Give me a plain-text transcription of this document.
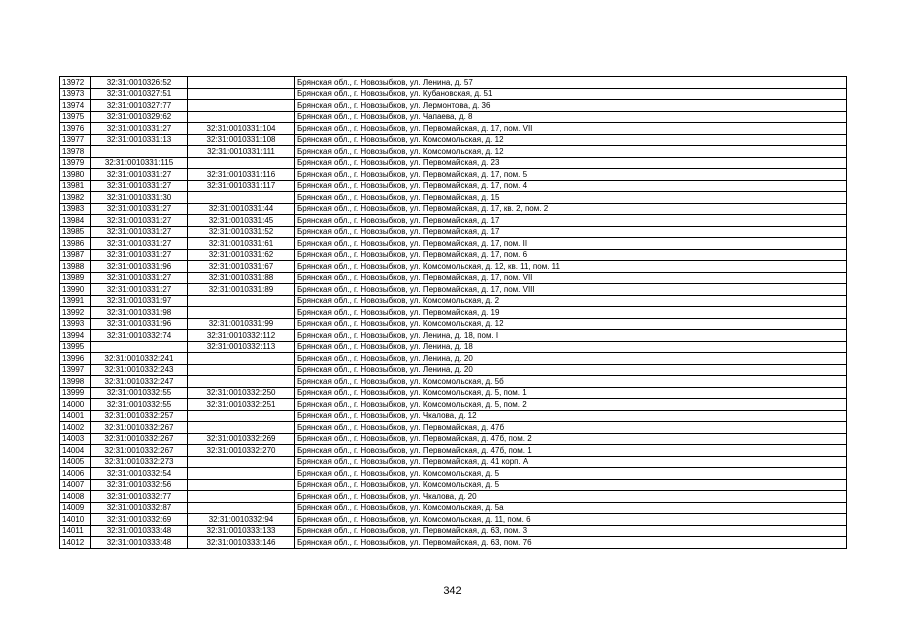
13972	32:31:0010326:52		Брянская обл., г. Новозыбков, ул. Ленина, д. 57
13973	32:31:0010327:51		Брянская обл., г. Новозыбков, ул. Кубановская, д. 51
13974	32:31:0010327:77		Брянская обл., г. Новозыбков, ул. Лермонтова, д. 36
13975	32:31:0010329:62		Брянская обл., г. Новозыбков, ул. Чапаева, д. 8
13976	32:31:0010331:27	32:31:0010331:104	Брянская обл., г. Новозыбков, ул. Первомайская, д. 17, пом. VII
13977	32:31:0010331:13	32:31:0010331:108	Брянская обл., г. Новозыбков, ул. Комсомольская, д. 12
13978		32:31:0010331:111	Брянская обл., г. Новозыбков, ул. Комсомольская, д. 12
13979	32:31:0010331:115		Брянская обл., г. Новозыбков, ул. Первомайская, д. 23
13980	32:31:0010331:27	32:31:0010331:116	Брянская обл., г. Новозыбков, ул. Первомайская, д. 17, пом. 5
13981	32:31:0010331:27	32:31:0010331:117	Брянская обл., г. Новозыбков, ул. Первомайская, д. 17, пом. 4
13982	32:31:0010331:30		Брянская обл., г. Новозыбков, ул. Первомайская, д. 15
13983	32:31:0010331:27	32:31:0010331:44	Брянская обл., г. Новозыбков, ул. Первомайская, д. 17, кв. 2, пом. 2
13984	32:31:0010331:27	32:31:0010331:45	Брянская обл., г. Новозыбков, ул. Первомайская, д. 17
13985	32:31:0010331:27	32:31:0010331:52	Брянская обл., г. Новозыбков, ул. Первомайская, д. 17
13986	32:31:0010331:27	32:31:0010331:61	Брянская обл., г. Новозыбков, ул. Первомайская, д. 17, пом. II
13987	32:31:0010331:27	32:31:0010331:62	Брянская обл., г. Новозыбков, ул. Первомайская, д. 17, пом. 6
13988	32:31:0010331:96	32:31:0010331:67	Брянская обл., г. Новозыбков, ул. Комсомольская, д. 12, кв. 11, пом. 11
13989	32:31:0010331:27	32:31:0010331:88	Брянская обл., г. Новозыбков, ул. Первомайская, д. 17, пом. VII
13990	32:31:0010331:27	32:31:0010331:89	Брянская обл., г. Новозыбков, ул. Первомайская, д. 17, пом. VIII
13991	32:31:0010331:97		Брянская обл., г. Новозыбков, ул. Комсомольская, д. 2
13992	32:31:0010331:98		Брянская обл., г. Новозыбков, ул. Первомайская, д. 19
13993	32:31:0010331:96	32:31:0010331:99	Брянская обл., г. Новозыбков, ул. Комсомольская, д. 12
13994	32:31:0010332:74	32:31:0010332:112	Брянская обл., г. Новозыбков, ул. Ленина, д. 18, пом. I
13995		32:31:0010332:113	Брянская обл., г. Новозыбков, ул. Ленина, д. 18
13996	32:31:0010332:241		Брянская обл., г. Новозыбков, ул. Ленина, д. 20
13997	32:31:0010332:243		Брянская обл., г. Новозыбков, ул. Ленина, д. 20
13998	32:31:0010332:247		Брянская обл., г. Новозыбков, ул. Комсомольская, д. 5б
13999	32:31:0010332:55	32:31:0010332:250	Брянская обл., г. Новозыбков, ул. Комсомольская, д. 5, пом. 1
14000	32:31:0010332:55	32:31:0010332:251	Брянская обл., г. Новозыбков, ул. Комсомольская, д. 5, пом. 2
14001	32:31:0010332:257		Брянская обл., г. Новозыбков, ул. Чкалова, д. 12
14002	32:31:0010332:267		Брянская обл., г. Новозыбков, ул. Первомайская, д. 47б
14003	32:31:0010332:267	32:31:0010332:269	Брянская обл., г. Новозыбков, ул. Первомайская, д. 47б, пом. 2
14004	32:31:0010332:267	32:31:0010332:270	Брянская обл., г. Новозыбков, ул. Первомайская, д. 47б, пом. 1
14005	32:31:0010332:273		Брянская обл., г. Новозыбков, ул. Первомайская, д. 41 корп. А
14006	32:31:0010332:54		Брянская обл., г. Новозыбков, ул. Комсомольская, д. 5
14007	32:31:0010332:56		Брянская обл., г. Новозыбков, ул. Комсомольская, д. 5
14008	32:31:0010332:77		Брянская обл., г. Новозыбков, ул. Чкалова, д. 20
14009	32:31:0010332:87		Брянская обл., г. Новозыбков, ул. Комсомольская, д. 5а
14010	32:31:0010332:69	32:31:0010332:94	Брянская обл., г. Новозыбков, ул. Комсомольская, д. 11, пом. 6
14011	32:31:0010333:48	32:31:0010333:133	Брянская обл., г. Новозыбков, ул. Первомайская, д. 63, пом. 3
14012	32:31:0010333:48	32:31:0010333:146	Брянская обл., г. Новозыбков, ул. Первомайская, д. 63, пом. 76
342
